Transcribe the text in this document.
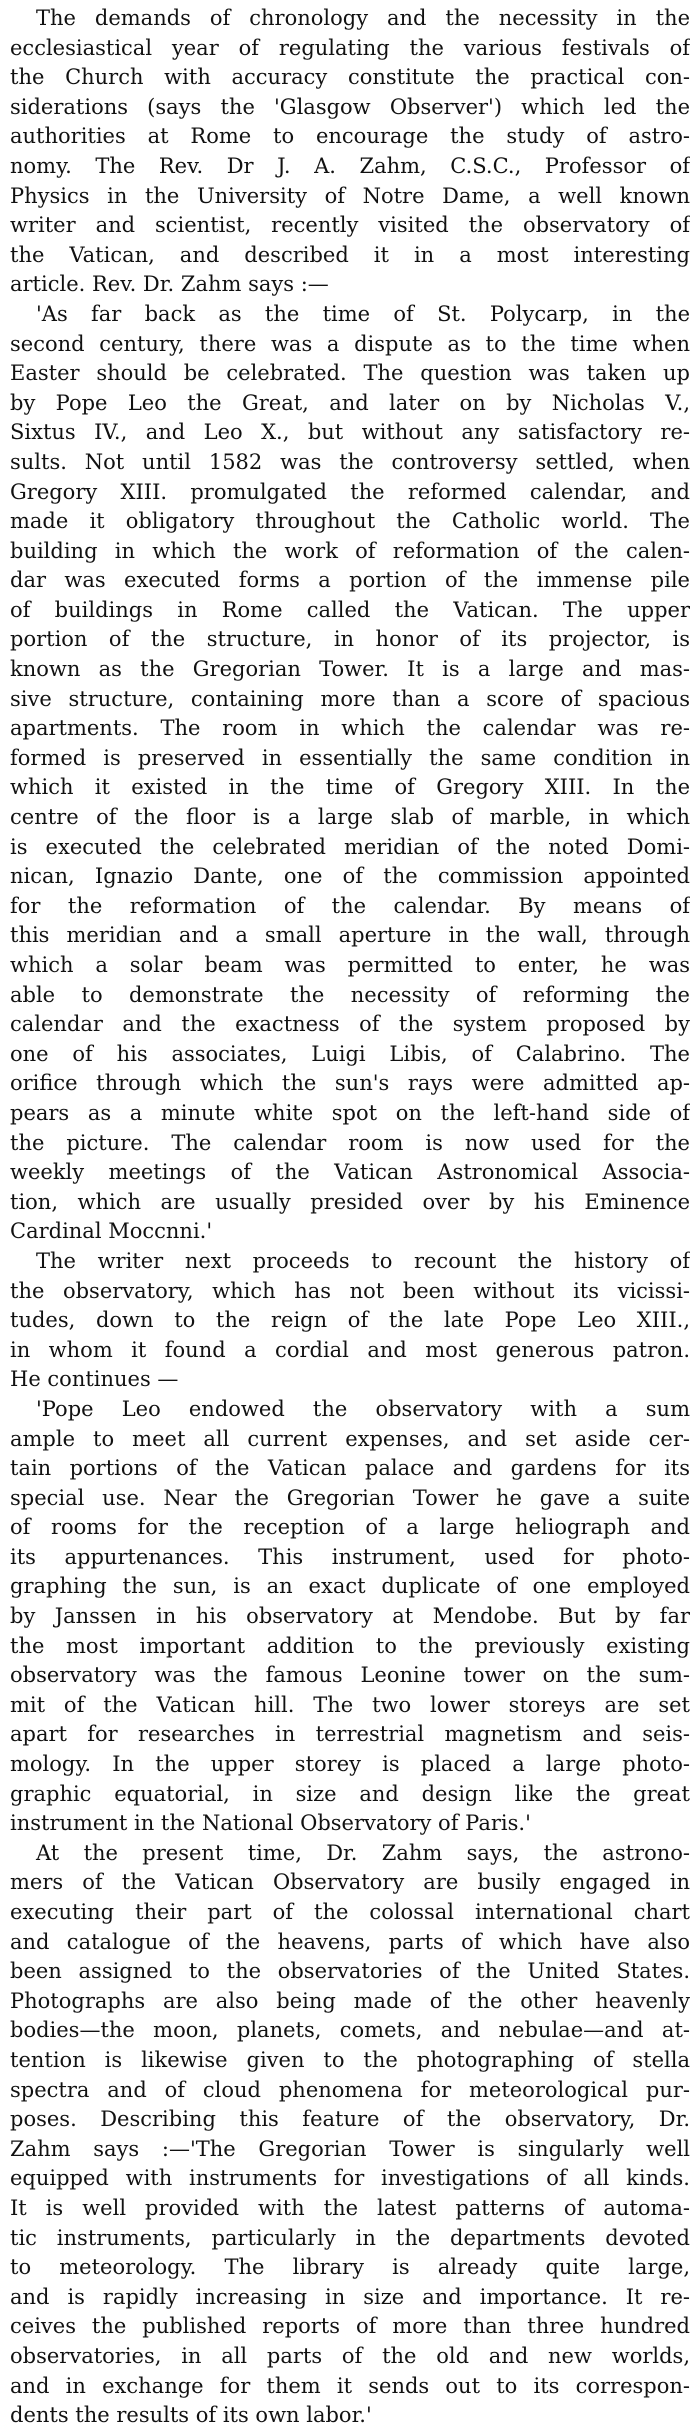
The demands of chronology and the necessity in the
ecclesiastical year of regulating the various festivals of
the Church with accuracy constitute the practical con-
siderations (says the 'Glasgow Observer') which led the
authorities at Rome to encourage the study of astro-
nomy. The Rev. Dr J. A. Zahm, C.S.C., Professor of
Physics in the University of Notre Dame, a well known
writer and scientist, recently visited the observatory of
the Vatican, and described it in a most interesting
article. Rev. Dr. Zahm says :—
'As far back as the time of St. Polycarp, in the
second century, there was a dispute as to the time when
Easter should be celebrated. The question was taken up
by Pope Leo the Great, and later on by Nicholas V.,
Sixtus IV., and Leo X., but without any satisfactory re-
sults. Not until 1582 was the controversy settled, when
Gregory XIII. promulgated the reformed calendar, and
made it obligatory throughout the Catholic world. The
building in which the work of reformation of the calen-
dar was executed forms a portion of the immense pile
of buildings in Rome called the Vatican. The upper
portion of the structure, in honor of its projector, is
known as the Gregorian Tower. It is a large and mas-
sive structure, containing more than a score of spacious
apartments. The room in which the calendar was re-
formed is preserved in essentially the same condition in
which it existed in the time of Gregory XIII. In the
centre of the floor is a large slab of marble, in which
is executed the celebrated meridian of the noted Domi-
nican, Ignazio Dante, one of the commission appointed
for the reformation of the calendar. By means of
this meridian and a small aperture in the wall, through
which a solar beam was permitted to enter, he was
able to demonstrate the necessity of reforming the
calendar and the exactness of the system proposed by
one of his associates, Luigi Libis, of Calabrino. The
orifice through which the sun's rays were admitted ap-
pears as a minute white spot on the left-hand side of
the picture. The calendar room is now used for the
weekly meetings of the Vatican Astronomical Associa-
tion, which are usually presided over by his Eminence
Cardinal Moccnni.'
The writer next proceeds to recount the history of
the observatory, which has not been without its vicissi-
tudes, down to the reign of the late Pope Leo XIII.,
in whom it found a cordial and most generous patron.
He continues —
'Pope Leo endowed the observatory with a sum
ample to meet all current expenses, and set aside cer-
tain portions of the Vatican palace and gardens for its
special use. Near the Gregorian Tower he gave a suite
of rooms for the reception of a large heliograph and
its appurtenances. This instrument, used for photo-
graphing the sun, is an exact duplicate of one employed
by Janssen in his observatory at Mendobe. But by far
the most important addition to the previously existing
observatory was the famous Leonine tower on the sum-
mit of the Vatican hill. The two lower storeys are set
apart for researches in terrestrial magnetism and seis-
mology. In the upper storey is placed a large photo-
graphic equatorial, in size and design like the great
instrument in the National Observatory of Paris.'
At the present time, Dr. Zahm says, the astrono-
mers of the Vatican Observatory are busily engaged in
executing their part of the colossal international chart
and catalogue of the heavens, parts of which have also
been assigned to the observatories of the United States.
Photographs are also being made of the other heavenly
bodies—the moon, planets, comets, and nebulae—and at-
tention is likewise given to the photographing of stella
spectra and of cloud phenomena for meteorological pur-
poses. Describing this feature of the observatory, Dr.
Zahm says :—'The Gregorian Tower is singularly well
equipped with instruments for investigations of all kinds.
It is well provided with the latest patterns of automa-
tic instruments, particularly in the departments devoted
to meteorology. The library is already quite large,
and is rapidly increasing in size and importance. It re-
ceives the published reports of more than three hundred
observatories, in all parts of the old and new worlds,
and in exchange for them it sends out to its correspon-
dents the results of its own labor.'
